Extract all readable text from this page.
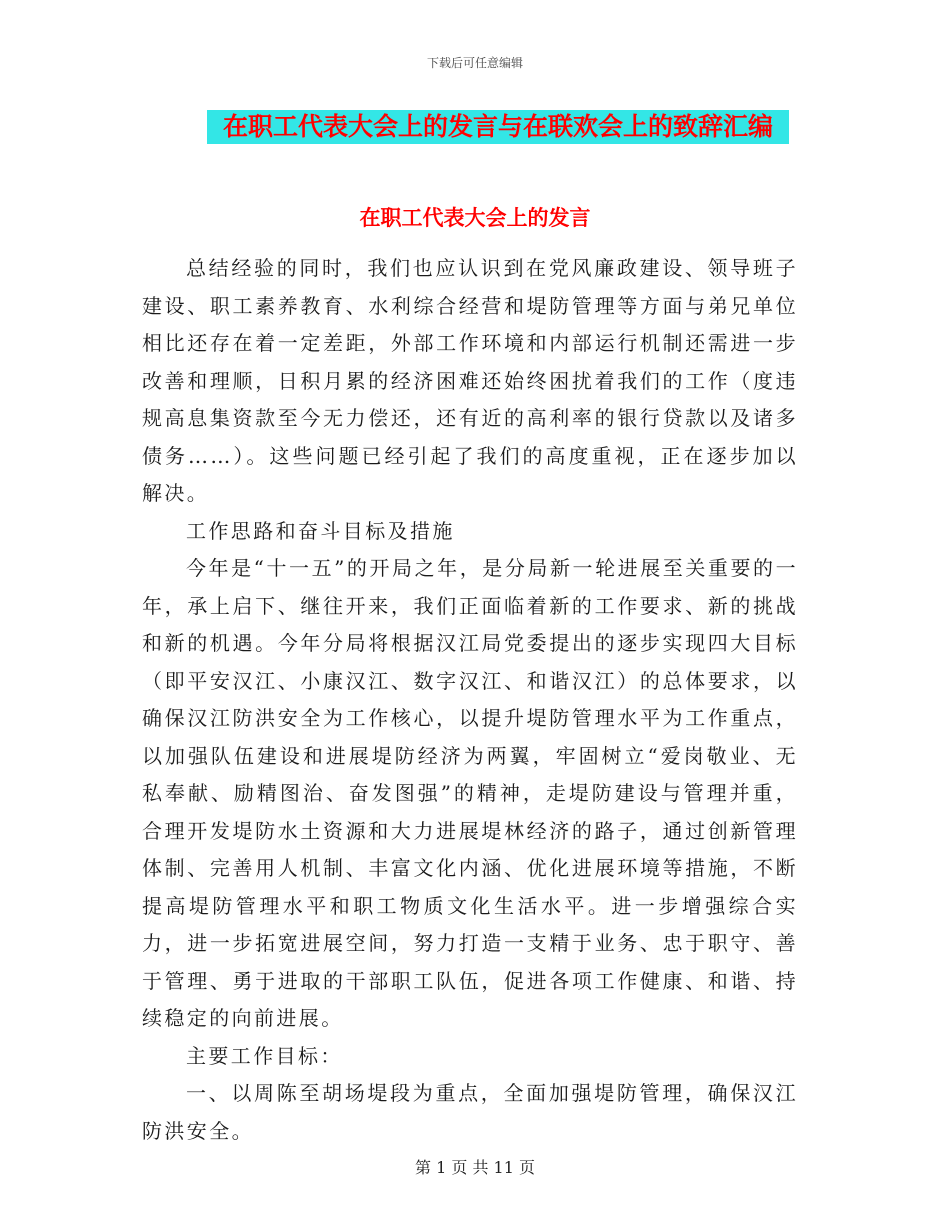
下载后可任意编辑
在职工代表大会上的发言与在联欢会上的致辞汇编
在职工代表大会上的发言

总结经验的同时，我们也应认识到在党风廉政建设、领导班子建设、职工素养教育、水利综合经营和堤防管理等方面与弟兄单位相比还存在着一定差距，外部工作环境和内部运行机制还需进一步改善和理顺，日积月累的经济困难还始终困扰着我们的工作（度违规高息集资款至今无力偿还，还有近的高利率的银行贷款以及诸多债务……）。这些问题已经引起了我们的高度重视，正在逐步加以解决。

工作思路和奋斗目标及措施

今年是“十一五”的开局之年，是分局新一轮进展至关重要的一年，承上启下、继往开来，我们正面临着新的工作要求、新的挑战和新的机遇。今年分局将根据汉江局党委提出的逐步实现四大目标（即平安汉江、小康汉江、数字汉江、和谐汉江）的总体要求，以确保汉江防洪安全为工作核心，以提升堤防管理水平为工作重点，以加强队伍建设和进展堤防经济为两翼，牢固树立“爱岗敬业、无私奉献、励精图治、奋发图强”的精神，走堤防建设与管理并重，合理开发堤防水土资源和大力进展堤林经济的路子，通过创新管理体制、完善用人机制、丰富文化内涵、优化进展环境等措施，不断提高堤防管理水平和职工物质文化生活水平。进一步增强综合实力，进一步拓宽进展空间，努力打造一支精于业务、忠于职守、善于管理、勇于进取的干部职工队伍，促进各项工作健康、和谐、持续稳定的向前进展。

主要工作目标：

一、以周陈至胡场堤段为重点，全面加强堤防管理，确保汉江防洪安全。

第 1 页 共 11 页
